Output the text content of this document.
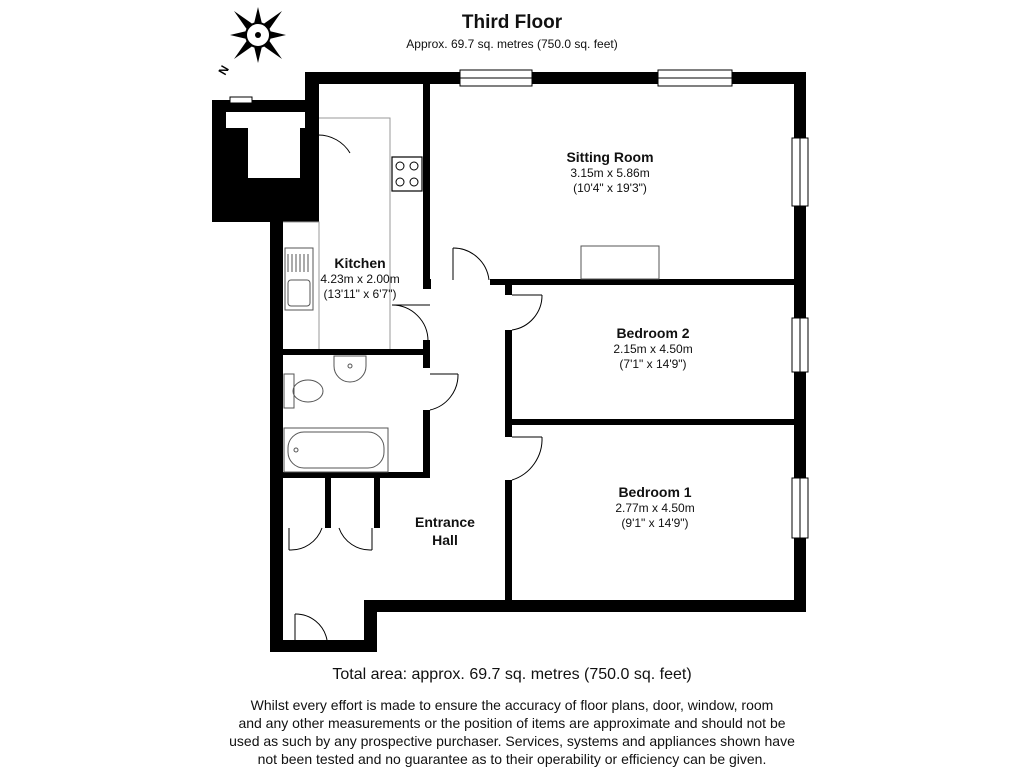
N
Third Floor
Approx. 69.7 sq. metres (750.0 sq. feet)
Sitting Room
3.15m x 5.86m
(10'4" x 19'3")
Kitchen
4.23m x 2.00m
(13'11" x 6'7")
Bedroom 2
2.15m x 4.50m
(7'1" x 14'9")
Bedroom 1
2.77m x 4.50m
(9'1" x 14'9")
Entrance
Hall
Total area: approx. 69.7 sq. metres (750.0 sq. feet)
Whilst every effort is made to ensure the accuracy of floor plans, door, window, room
and any other measurements or the position of items are approximate and should not be
used as such by any prospective purchaser. Services, systems and appliances shown have
not been tested and no guarantee as to their operability or efficiency can be given.
